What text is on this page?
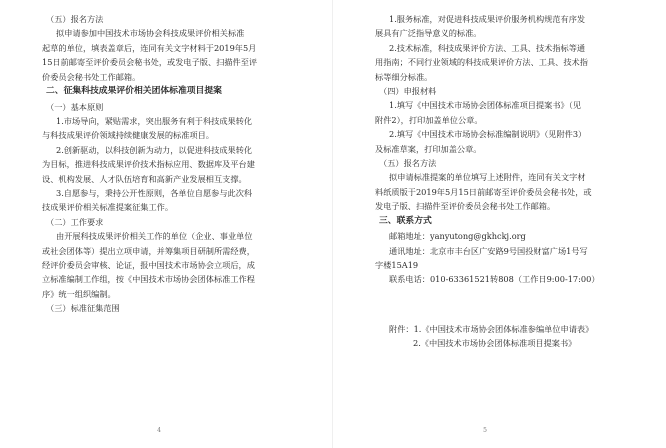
（五）报名方法

拟申请参加中国技术市场协会科技成果评价相关标准

起草的单位，填表盖章后，连同有关文字材料于2019年5月

15日前邮寄至评价委员会秘书处，或发电子版、扫描件至评

价委员会秘书处工作邮箱。

二、征集科技成果评价相关团体标准项目提案

（一）基本原则

1.市场导向，紧贴需求，突出服务有利于科技成果转化

与科技成果评价领域持续健康发展的标准项目。

2.创新驱动，以科技创新为动力，以促进科技成果转化

为目标，推进科技成果评价技术指标应用、数据库及平台建

设、机构发展、人才队伍培育和高新产业发展相互支撑。

3.自愿参与，秉持公开性原则，各单位自愿参与此次科

技成果评价相关标准提案征集工作。

（二）工作要求

由开展科技成果评价相关工作的单位（企业、事业单位

或社会团体等）提出立项申请，并筹集项目研制所需经费，

经评价委员会审核、论证，报中国技术市场协会立项后，成

立标准编制工作组，按《中国技术市场协会团体标准工作程

序》统一组织编制。

（三）标准征集范围

4

1.服务标准，对促进科技成果评价服务机构规范有序发

展具有广泛指导意义的标准。

2.技术标准，科技成果评价方法、工具、技术指标等通

用指南；不同行业领域的科技成果评价方法、工具、技术指

标等细分标准。

（四）申报材料

1.填写《中国技术市场协会团体标准项目提案书》（见

附件2），打印加盖单位公章。

2.填写《中国技术市场协会标准编制说明》（见附件3）

及标准草案，打印加盖公章。

（五）报名方法

拟申请标准提案的单位填写上述附件，连同有关文字材

料纸质版于2019年5月15日前邮寄至评价委员会秘书处，或

发电子版、扫描件至评价委员会秘书处工作邮箱。

三、联系方式

邮箱地址：yanyutong@gkhckj.org

通讯地址：北京市丰台区广安路9号国投财富广场1号写

字楼15A19

联系电话：010-63361521转808（工作日9:00-17:00）

附件：1.《中国技术市场协会团体标准参编单位申请表》

2.《中国技术市场协会团体标准项目提案书》

5
